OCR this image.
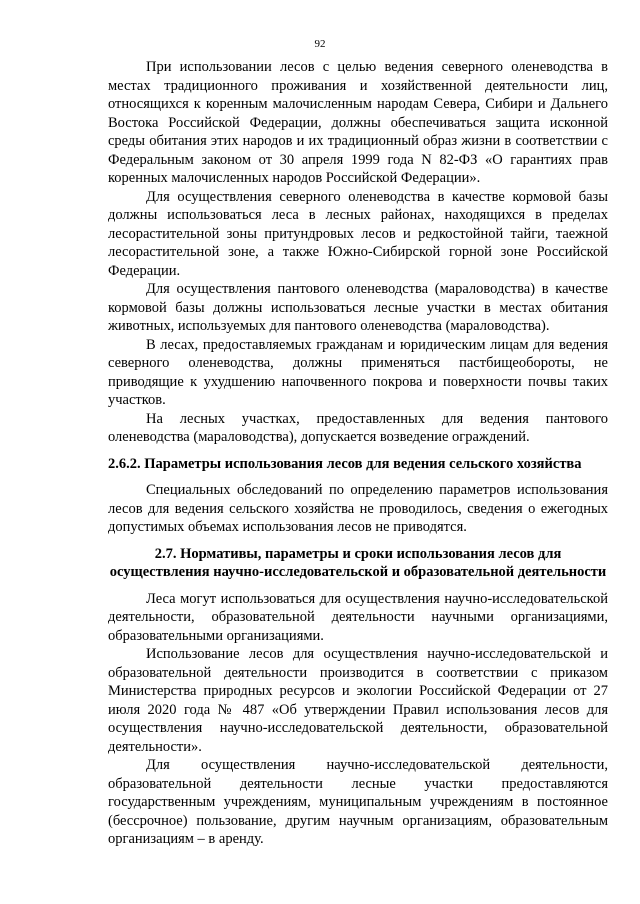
92

При использовании лесов с целью ведения северного оленеводства в местах традиционного проживания и хозяйственной деятельности лиц, относящихся к коренным малочисленным народам Севера, Сибири и Дальнего Востока Российской Федерации, должны обеспечиваться защита исконной среды обитания этих народов и их традиционный образ жизни в соответствии с Федеральным законом от 30 апреля 1999 года N 82-ФЗ «О гарантиях прав коренных малочисленных народов Российской Федерации».

Для осуществления северного оленеводства в качестве кормовой базы должны использоваться леса в лесных районах, находящихся в пределах лесорастительной зоны притундровых лесов и редкостойной тайги, таежной лесорастительной зоне, а также Южно-Сибирской горной зоне Российской Федерации.

Для осуществления пантового оленеводства (мараловодства) в качестве кормовой базы должны использоваться лесные участки в местах обитания животных, используемых для пантового оленеводства (мараловодства).

В лесах, предоставляемых гражданам и юридическим лицам для ведения северного оленеводства, должны применяться пастбищеобороты, не приводящие к ухудшению напочвенного покрова и поверхности почвы таких участков.

На лесных участках, предоставленных для ведения пантового оленеводства (мараловодства), допускается возведение ограждений.

2.6.2. Параметры использования лесов для ведения сельского хозяйства

Специальных обследований по определению параметров использования лесов для ведения сельского хозяйства не проводилось, сведения о ежегодных допустимых объемах использования лесов не приводятся.

2.7. Нормативы, параметры и сроки использования лесов для осуществления научно-исследовательской и образовательной деятельности

Леса могут использоваться для осуществления научно-исследовательской деятельности, образовательной деятельности научными организациями, образовательными организациями.

Использование лесов для осуществления научно-исследовательской и образовательной деятельности производится в соответствии с приказом Министерства природных ресурсов и экологии Российской Федерации от 27 июля 2020 года № 487 «Об утверждении Правил использования лесов для осуществления научно-исследовательской деятельности, образовательной деятельности».

Для осуществления научно-исследовательской деятельности, образовательной деятельности лесные участки предоставляются государственным учреждениям, муниципальным учреждениям в постоянное (бессрочное) пользование, другим научным организациям, образовательным организациям – в аренду.
